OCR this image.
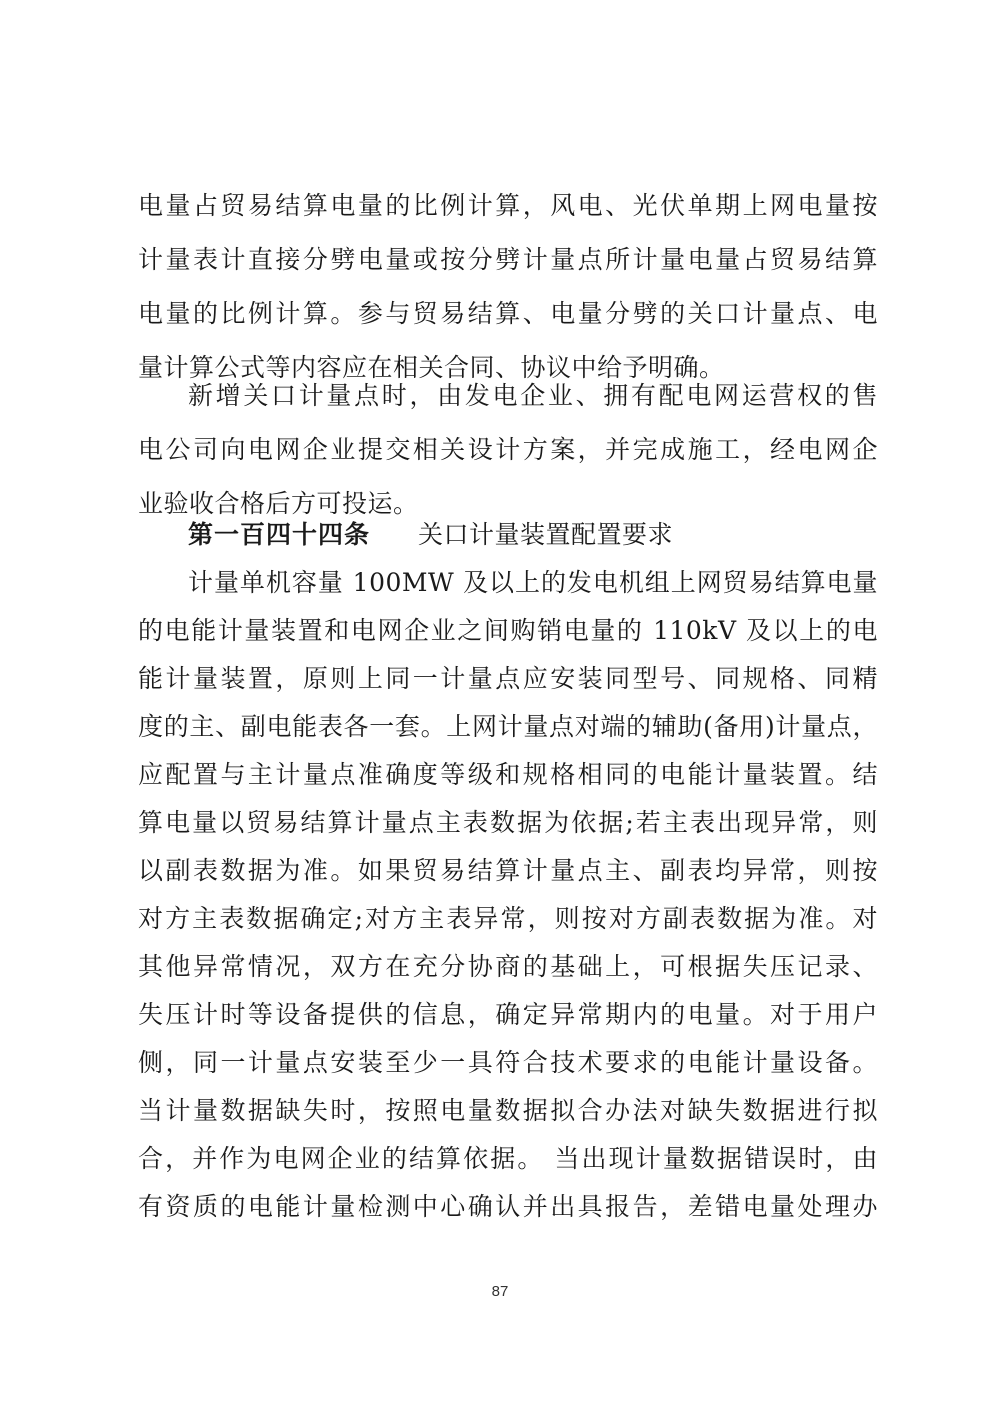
电量占贸易结算电量的比例计算，风电、光伏单期上网电量按
计量表计直接分劈电量或按分劈计量点所计量电量占贸易结算
电量的比例计算。参与贸易结算、电量分劈的关口计量点、电
量计算公式等内容应在相关合同、协议中给予明确。
新增关口计量点时，由发电企业、拥有配电网运营权的售
电公司向电网企业提交相关设计方案，并完成施工，经电网企
业验收合格后方可投运。
第一百四十四条 关口计量装置配置要求
计量单机容量 100MW 及以上的发电机组上网贸易结算电量
的电能计量装置和电网企业之间购销电量的 110kV 及以上的电
能计量装置，原则上同一计量点应安装同型号、同规格、同精
度的主、副电能表各一套。上网计量点对端的辅助(备用)计量点，
应配置与主计量点准确度等级和规格相同的电能计量装置。结
算电量以贸易结算计量点主表数据为依据;若主表出现异常，则
以副表数据为准。如果贸易结算计量点主、副表均异常，则按
对方主表数据确定;对方主表异常，则按对方副表数据为准。对
其他异常情况，双方在充分协商的基础上，可根据失压记录、
失压计时等设备提供的信息，确定异常期内的电量。对于用户
侧，同一计量点安装至少一具符合技术要求的电能计量设备。
当计量数据缺失时，按照电量数据拟合办法对缺失数据进行拟
合，并作为电网企业的结算依据。 当出现计量数据错误时，由
有资质的电能计量检测中心确认并出具报告，差错电量处理办
87
